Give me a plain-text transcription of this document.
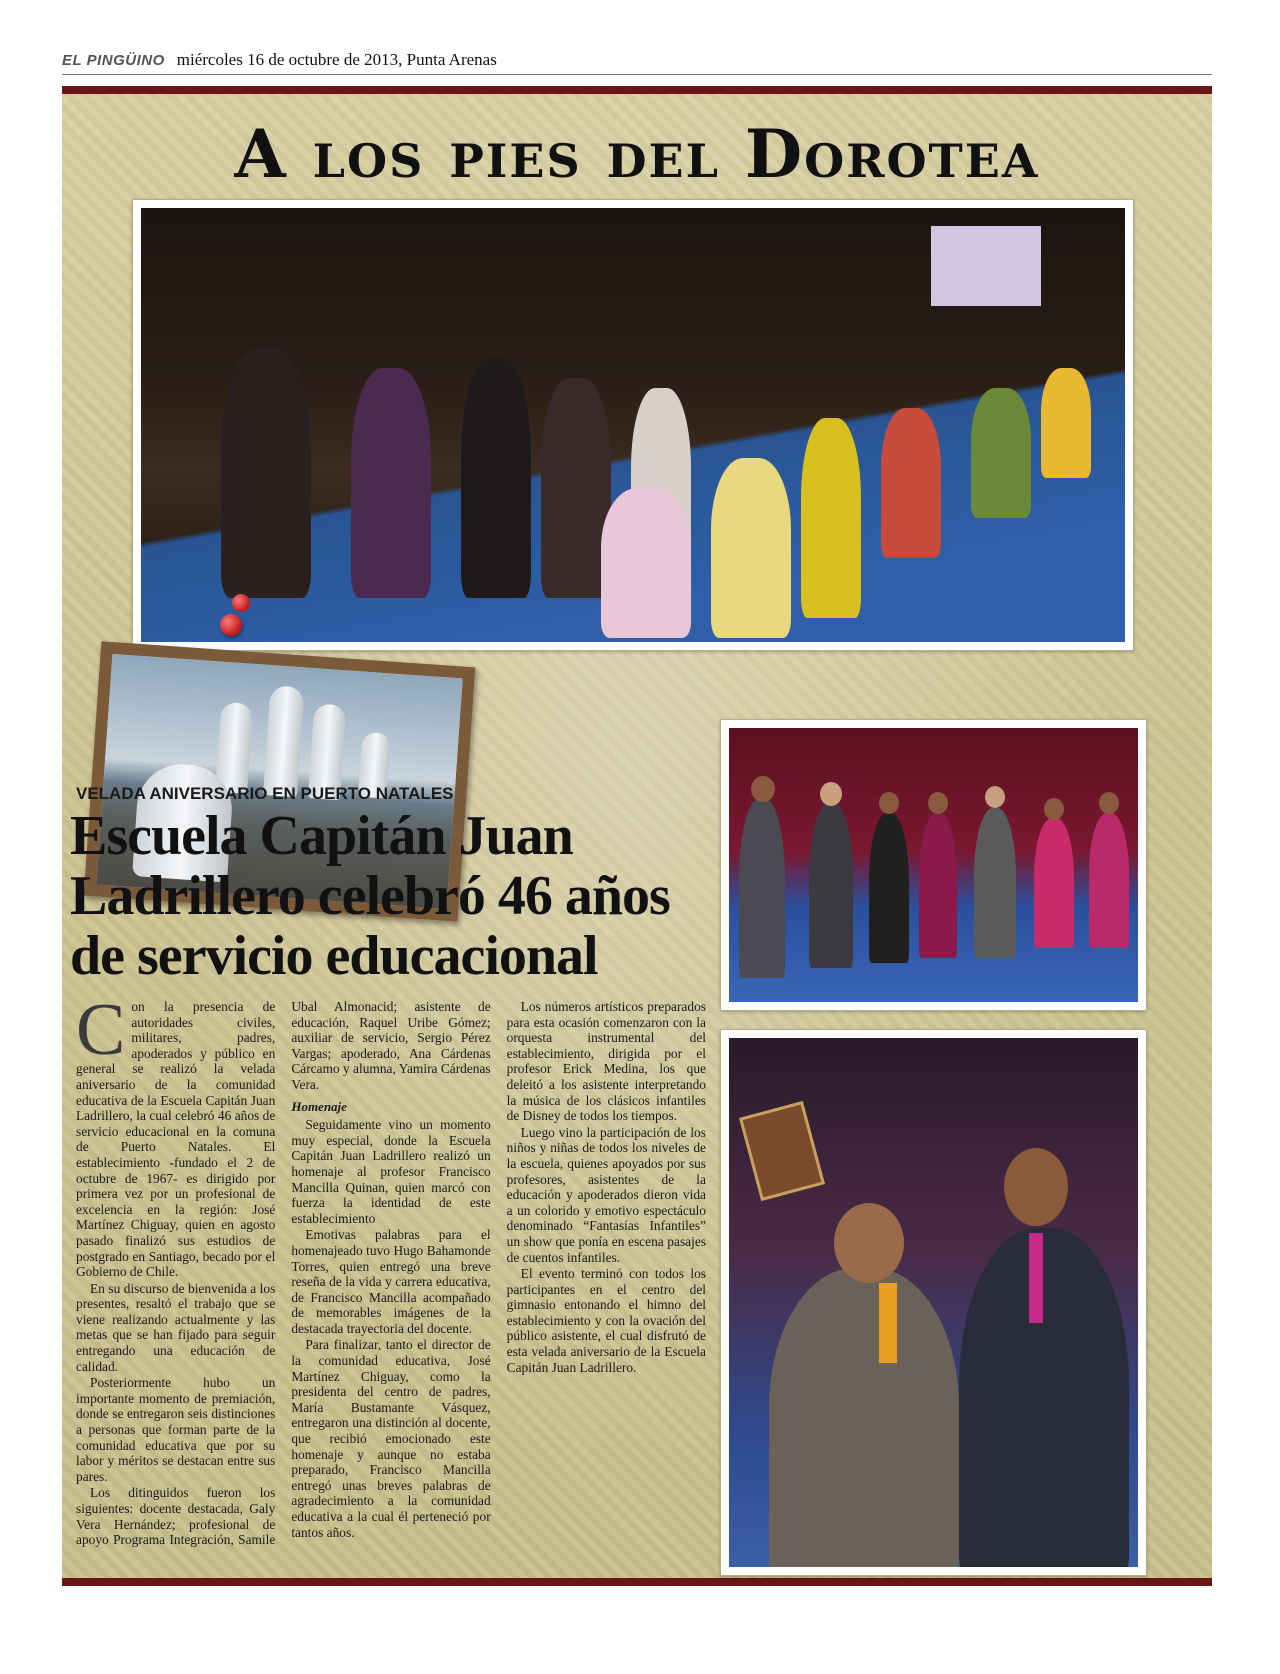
EL PINGÜINO miércoles 16 de octubre de 2013, Punta Arenas
A los pies del Dorotea
VELADA ANIVERSARIO EN PUERTO NATALES
Escuela Capitán Juan Ladrillero celebró 46 años de servicio educacional

Con la presencia de autoridades civiles, militares, padres, apoderados y público en general se realizó la velada aniversario de la comunidad educativa de la Escuela Capitán Juan Ladrillero, la cual celebró 46 años de servicio educacional en la comuna de Puerto Natales. El establecimiento -fundado el 2 de octubre de 1967- es dirigido por primera vez por un profesional de excelencia en la región: José Martínez Chiguay, quien en agosto pasado finalizó sus estudios de postgrado en Santiago, becado por el Gobierno de Chile.

En su discurso de bienvenida a los presentes, resaltó el trabajo que se viene realizando actualmente y las metas que se han fijado para seguir entregando una educación de calidad.

Posteriormente hubo un importante momento de premiación, donde se entregaron seis distinciones a personas que forman parte de la comunidad educativa que por su labor y méritos se destacan entre sus pares.

Los ditinguidos fueron los siguientes: docente destacada, Galy Vera Hernández; profesional de apoyo Programa Integración, Samile Ubal Almonacid; asistente de educación, Raquel Uribe Gómez; auxiliar de servicio, Sergio Pérez Vargas; apoderado, Ana Cárdenas Cárcamo y alumna, Yamira Cárdenas Vera.

Homenaje

Seguidamente vino un momento muy especial, donde la Escuela Capitán Juan Ladrillero realizó un homenaje al profesor Francisco Mancilla Quinan, quien marcó con fuerza la identidad de este establecimiento

Emotivas palabras para el homenajeado tuvo Hugo Bahamonde Torres, quien entregó una breve reseña de la vida y carrera educativa, de Francisco Mancilla acompañado de memorables imágenes de la destacada trayectoria del docente.

Para finalizar, tanto el director de la comunidad educativa, José Martínez Chiguay, como la presidenta del centro de padres, María Bustamante Vásquez, entregaron una distinción al docente, que recibió emocionado este homenaje y aunque no estaba preparado, Francisco Mancilla entregó unas breves palabras de agradecimiento a la comunidad educativa a la cual él perteneció por tantos años.

Los números artísticos preparados para esta ocasión comenzaron con la orquesta instrumental del establecimiento, dirigida por el profesor Erick Medina, los que deleitó a los asistente interpretando la música de los clásicos infantiles de Disney de todos los tiempos.

Luego vino la participación de los niños y niñas de todos los niveles de la escuela, quienes apoyados por sus profesores, asistentes de la educación y apoderados dieron vida a un colorido y emotivo espectáculo denominado “Fantasías Infantiles” un show que ponía en escena pasajes de cuentos infantiles.

El evento terminó con todos los participantes en el centro del gimnasio entonando el himno del establecimiento y con la ovación del público asistente, el cual disfrutó de esta velada aniversario de la Escuela Capitán Juan Ladrillero.
